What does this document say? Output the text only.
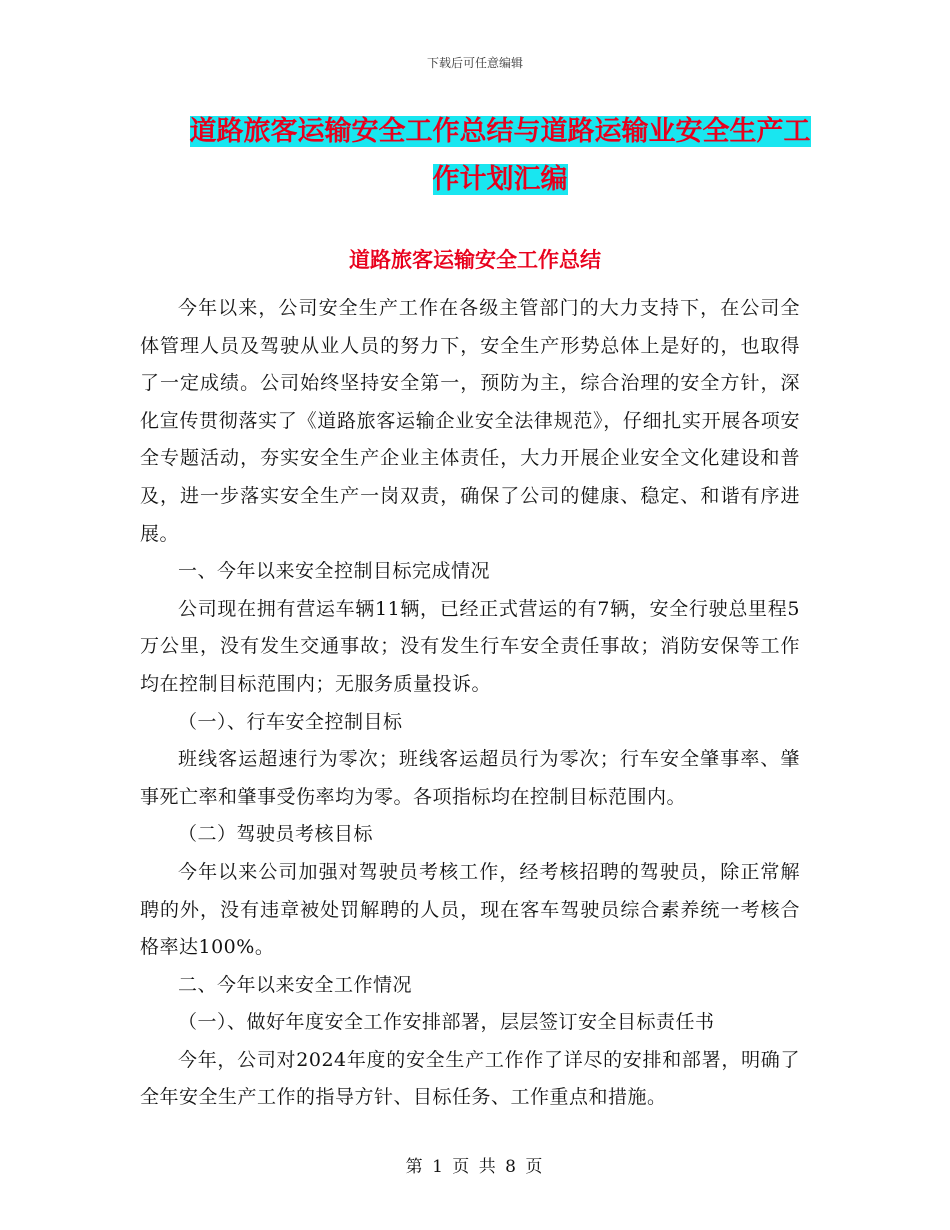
下载后可任意编辑
道路旅客运输安全工作总结与道路运输业安全生产工
作计划汇编
道路旅客运输安全工作总结

今年以来，公司安全生产工作在各级主管部门的大力支持下，在公司全体管理人员及驾驶从业人员的努力下，安全生产形势总体上是好的，也取得了一定成绩。公司始终坚持安全第一，预防为主，综合治理的安全方针，深化宣传贯彻落实了《道路旅客运输企业安全法律规范》，仔细扎实开展各项安全专题活动，夯实安全生产企业主体责任，大力开展企业安全文化建设和普及，进一步落实安全生产一岗双责，确保了公司的健康、稳定、和谐有序进展。

一、今年以来安全控制目标完成情况

公司现在拥有营运车辆11辆，已经正式营运的有7辆，安全行驶总里程5万公里，没有发生交通事故；没有发生行车安全责任事故；消防安保等工作均在控制目标范围内；无服务质量投诉。

（一）、行车安全控制目标

班线客运超速行为零次；班线客运超员行为零次；行车安全肇事率、肇事死亡率和肇事受伤率均为零。各项指标均在控制目标范围内。

（二）驾驶员考核目标

今年以来公司加强对驾驶员考核工作，经考核招聘的驾驶员，除正常解聘的外，没有违章被处罚解聘的人员，现在客车驾驶员综合素养统一考核合格率达100%。

二、今年以来安全工作情况

（一）、做好年度安全工作安排部署，层层签订安全目标责任书

今年，公司对2024年度的安全生产工作作了详尽的安排和部署，明确了全年安全生产工作的指导方针、目标任务、工作重点和措施。

第 1 页 共 8 页
